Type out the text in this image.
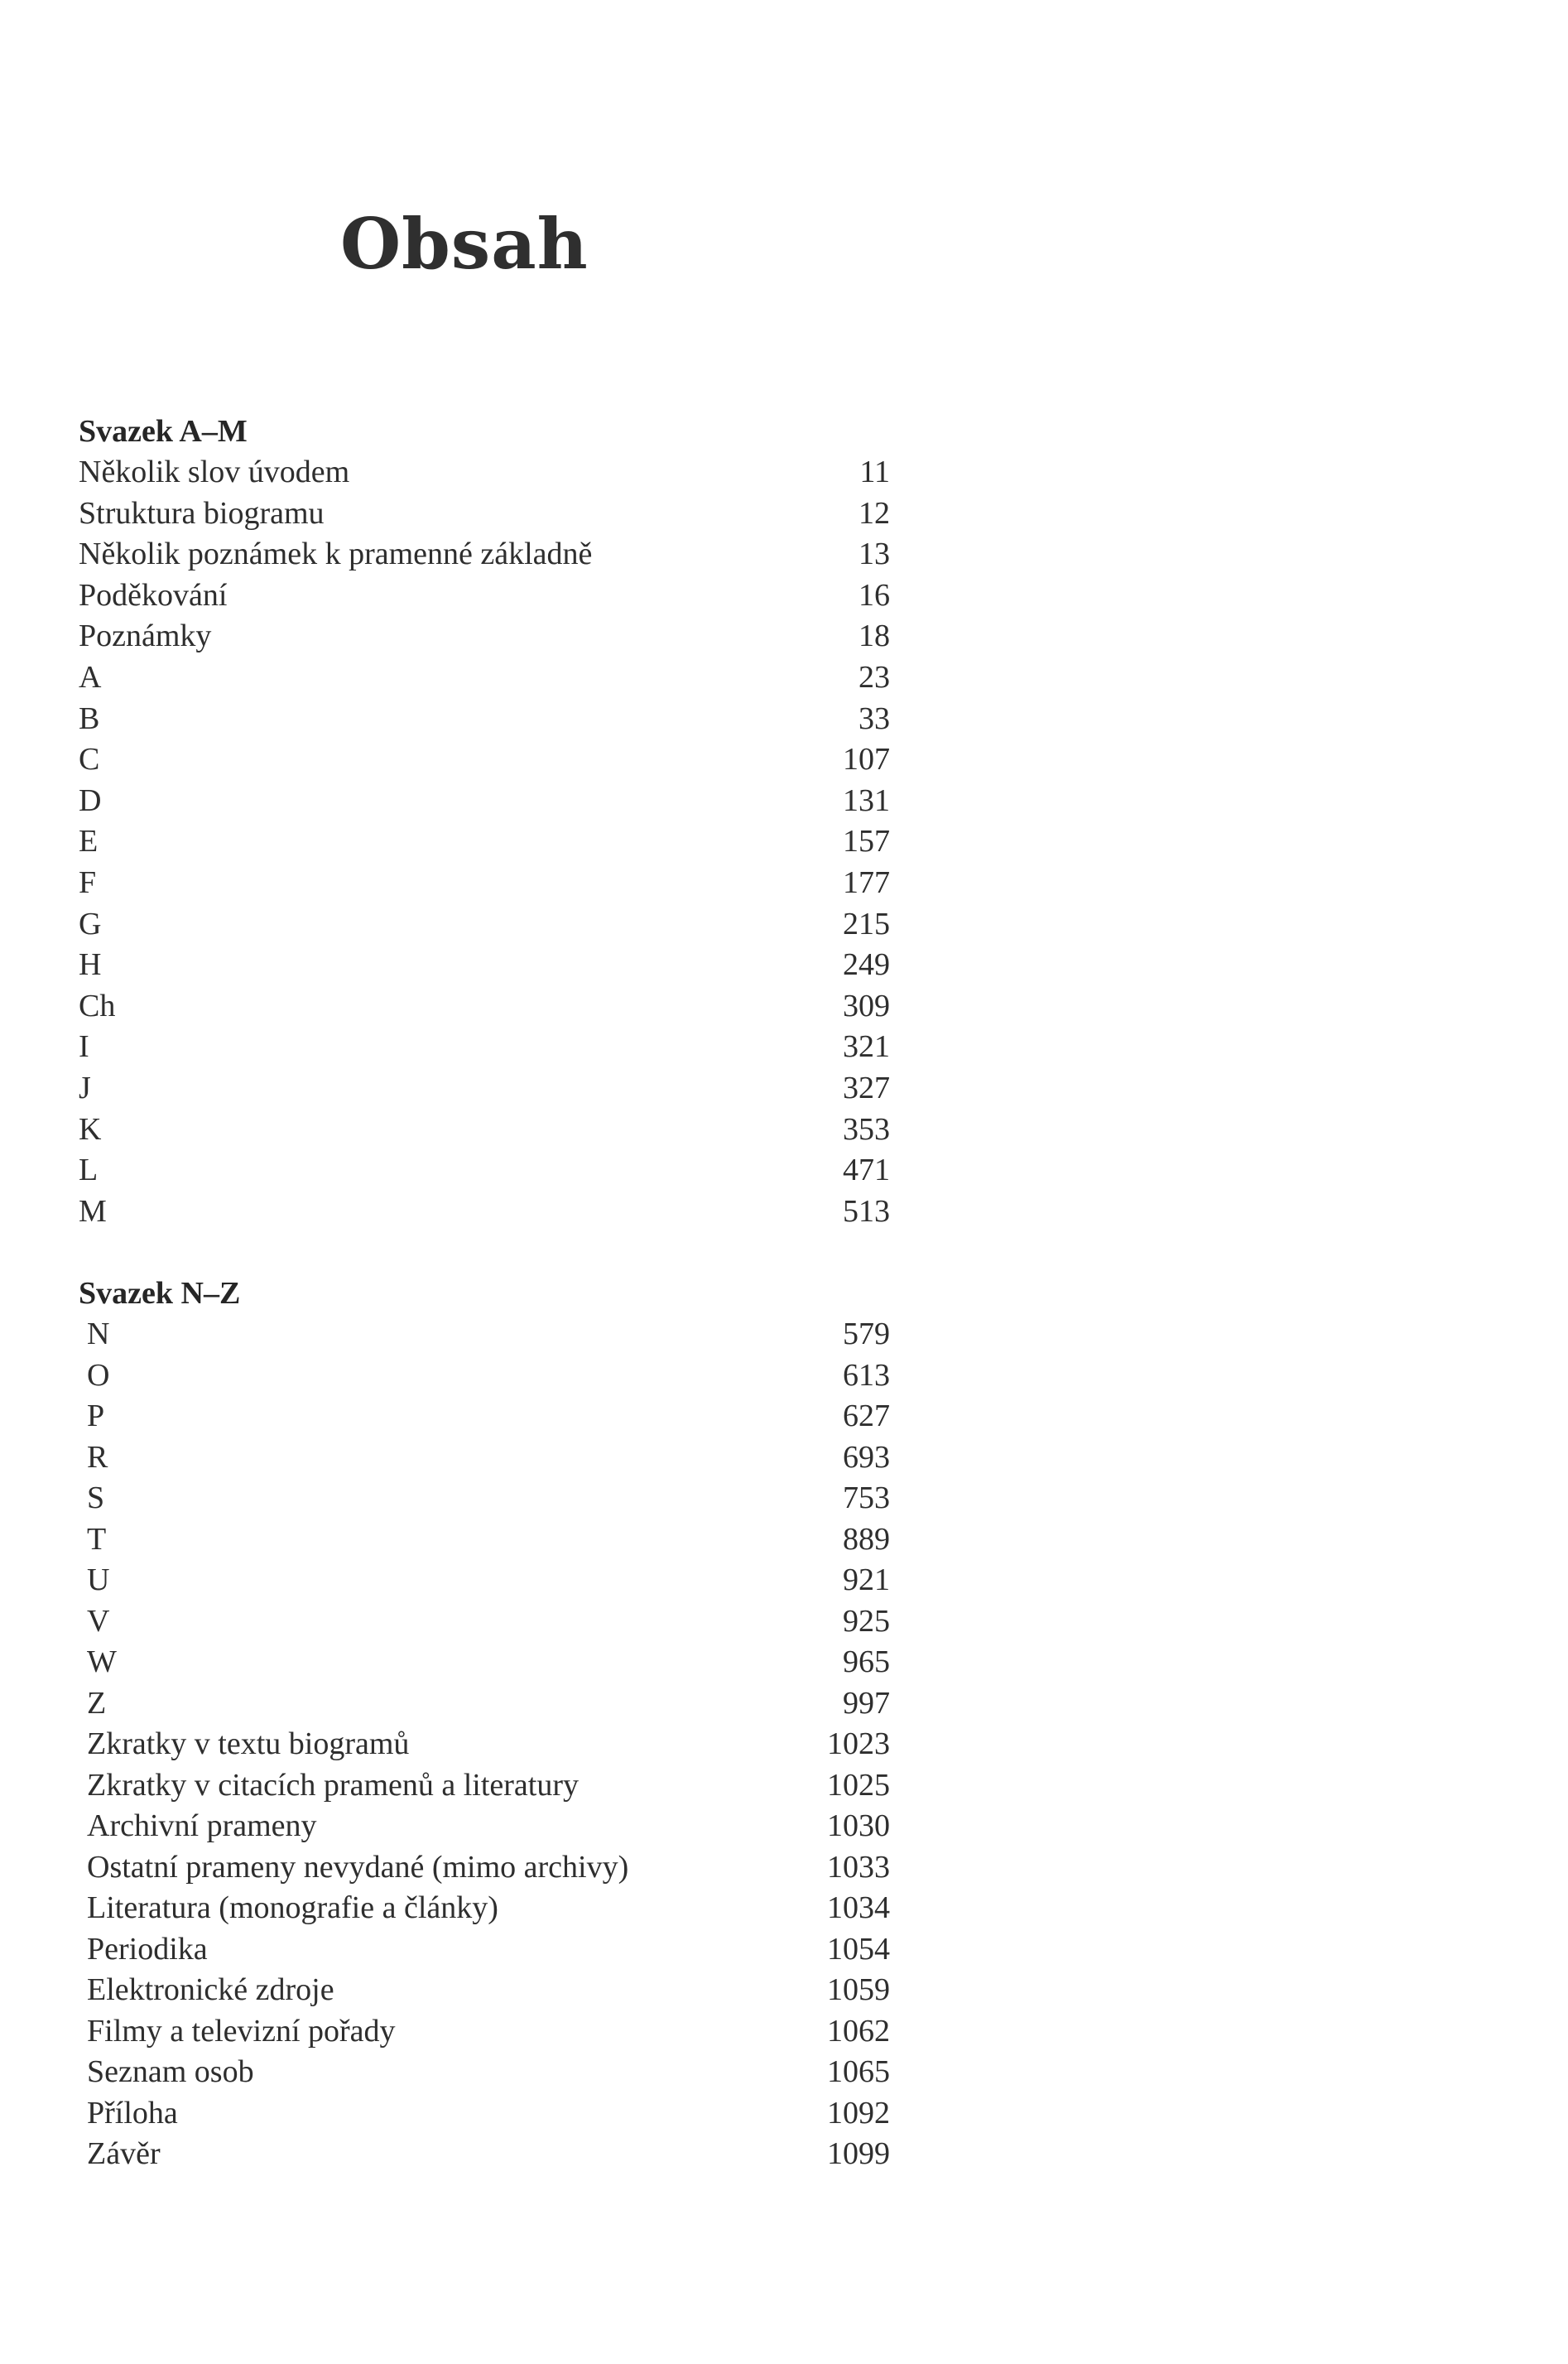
Obsah
Svazek A–M
Několik slov úvodem	11
Struktura biogramu	12
Několik poznámek k pramenné základně	13
Poděkování	16
Poznámky	18
A	23
B	33
C	107
D	131
E	157
F	177
G	215
H	249
Ch	309
I	321
J	327
K	353
L	471
M	513
Svazek N–Z
N	579
O	613
P	627
R	693
S	753
T	889
U	921
V	925
W	965
Z	997
Zkratky v textu biogramů	1023
Zkratky v citacích pramenů a literatury	1025
Archivní prameny	1030
Ostatní prameny nevydané (mimo archivy)	1033
Literatura (monografie a články)	1034
Periodika	1054
Elektronické zdroje	1059
Filmy a televizní pořady	1062
Seznam osob	1065
Příloha	1092
Závěr	1099
